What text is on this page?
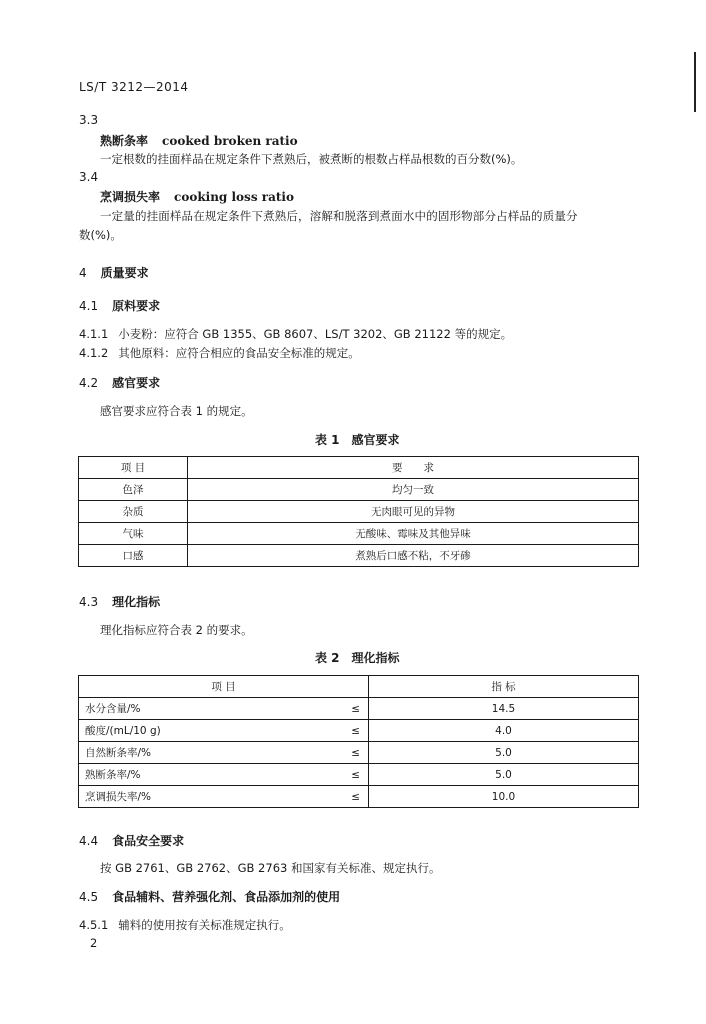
LS/T 3212—2014
3.3
熟断条率 cooked broken ratio
一定根数的挂面样品在规定条件下煮熟后，被煮断的根数占样品根数的百分数(%)。
3.4
烹调损失率 cooking loss ratio
一定量的挂面样品在规定条件下煮熟后，溶解和脱落到煮面水中的固形物部分占样品的质量分
数(%)。
4 质量要求
4.1 原料要求
4.1.1 小麦粉：应符合 GB 1355、GB 8607、LS/T 3202、GB 21122 等的规定。
4.1.2 其他原料：应符合相应的食品安全标准的规定。
4.2 感官要求
感官要求应符合表 1 的规定。
表 1　感官要求
项 目	要　　求
色泽	均匀一致
杂质	无肉眼可见的异物
气味	无酸味、霉味及其他异味
口感	煮熟后口感不粘，不牙碜
4.3 理化指标
理化指标应符合表 2 的要求。
表 2　理化指标
项 目		指 标
水分含量/%	≤	14.5
酸度/(mL/10 g)	≤	4.0
自然断条率/%	≤	5.0
熟断条率/%	≤	5.0
烹调损失率/%	≤	10.0
4.4 食品安全要求
按 GB 2761、GB 2762、GB 2763 和国家有关标准、规定执行。
4.5 食品辅料、营养强化剂、食品添加剂的使用
4.5.1 辅料的使用按有关标准规定执行。
2
